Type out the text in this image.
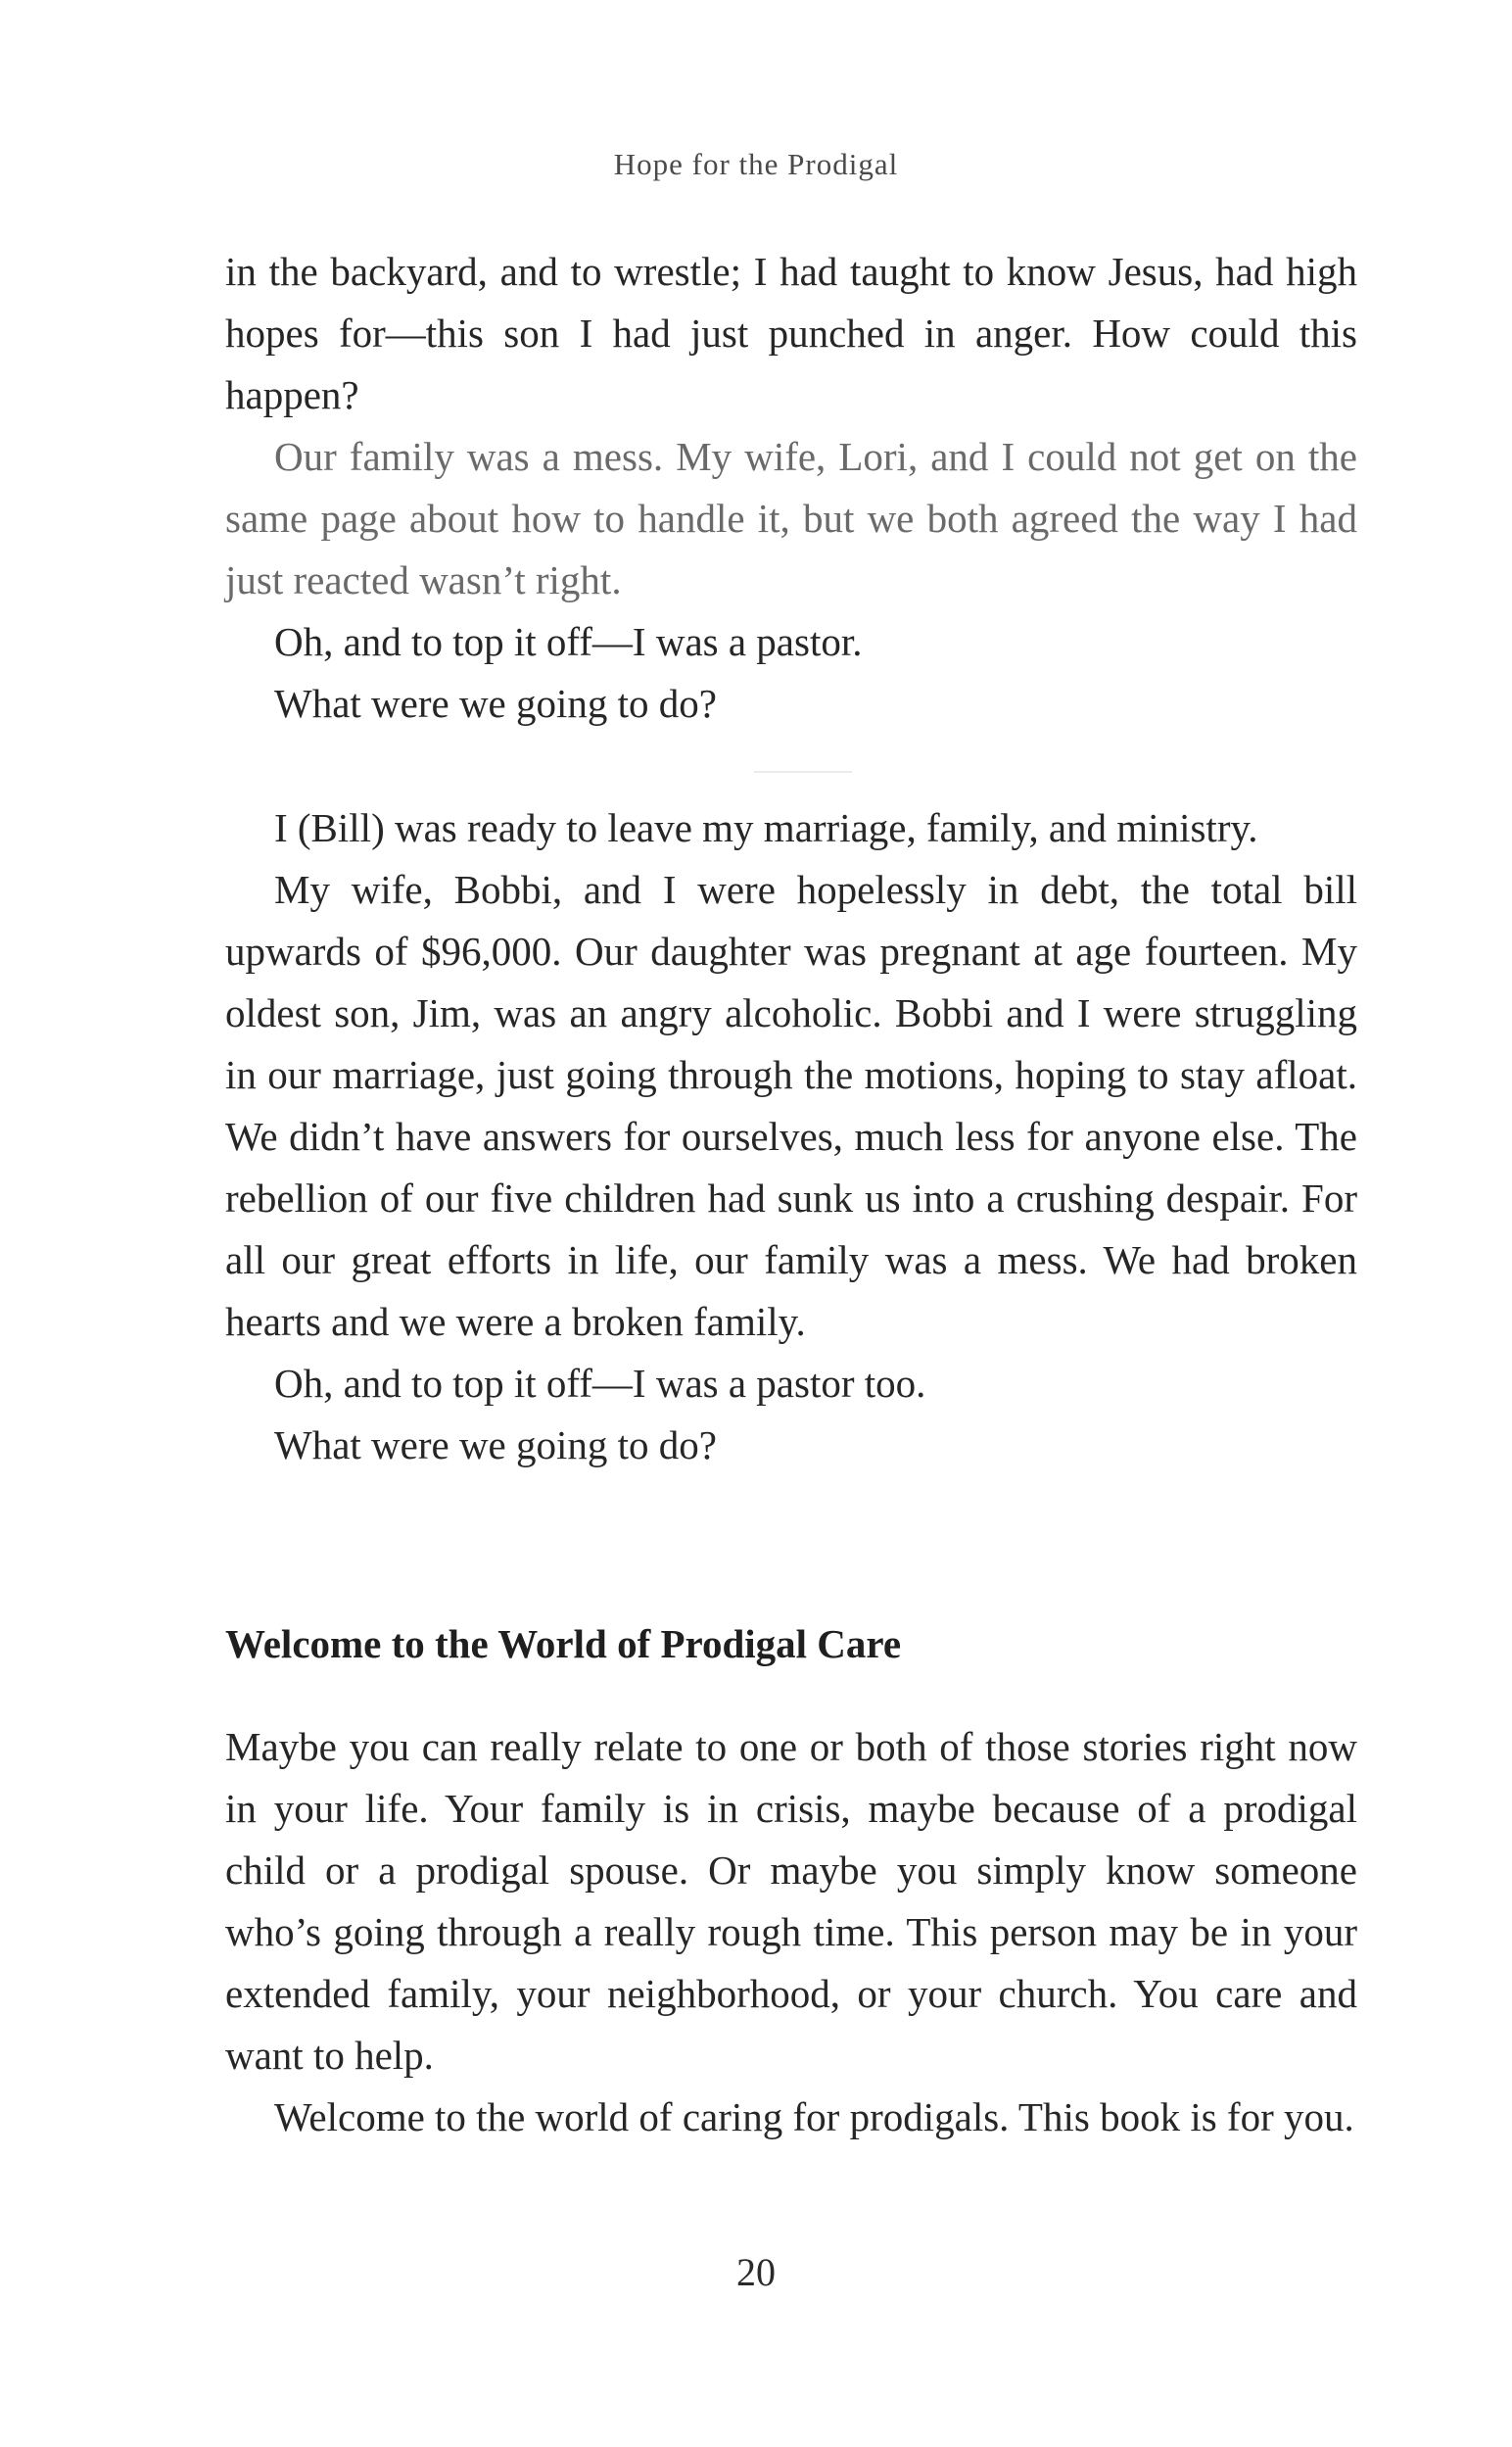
Hope for the Prodigal

in the backyard, and to wrestle; I had taught to know Jesus, had high hopes for—this son I had just punched in anger. How could this happen?

Our family was a mess. My wife, Lori, and I could not get on the same page about how to handle it, but we both agreed the way I had just reacted wasn’t right.

Oh, and to top it off—I was a pastor.

What were we going to do?

I (Bill) was ready to leave my marriage, family, and ministry.

My wife, Bobbi, and I were hopelessly in debt, the total bill upwards of $96,000. Our daughter was pregnant at age fourteen. My oldest son, Jim, was an angry alcoholic. Bobbi and I were struggling in our marriage, just going through the motions, hoping to stay afloat. We didn’t have answers for ourselves, much less for anyone else. The rebellion of our five children had sunk us into a crushing despair. For all our great efforts in life, our family was a mess. We had broken hearts and we were a broken family.

Oh, and to top it off—I was a pastor too.

What were we going to do?

Welcome to the World of Prodigal Care

Maybe you can really relate to one or both of those stories right now in your life. Your family is in crisis, maybe because of a prodigal child or a prodigal spouse. Or maybe you simply know someone who’s going through a really rough time. This person may be in your extended family, your neighborhood, or your church. You care and want to help.

Welcome to the world of caring for prodigals. This book is for you.

20
